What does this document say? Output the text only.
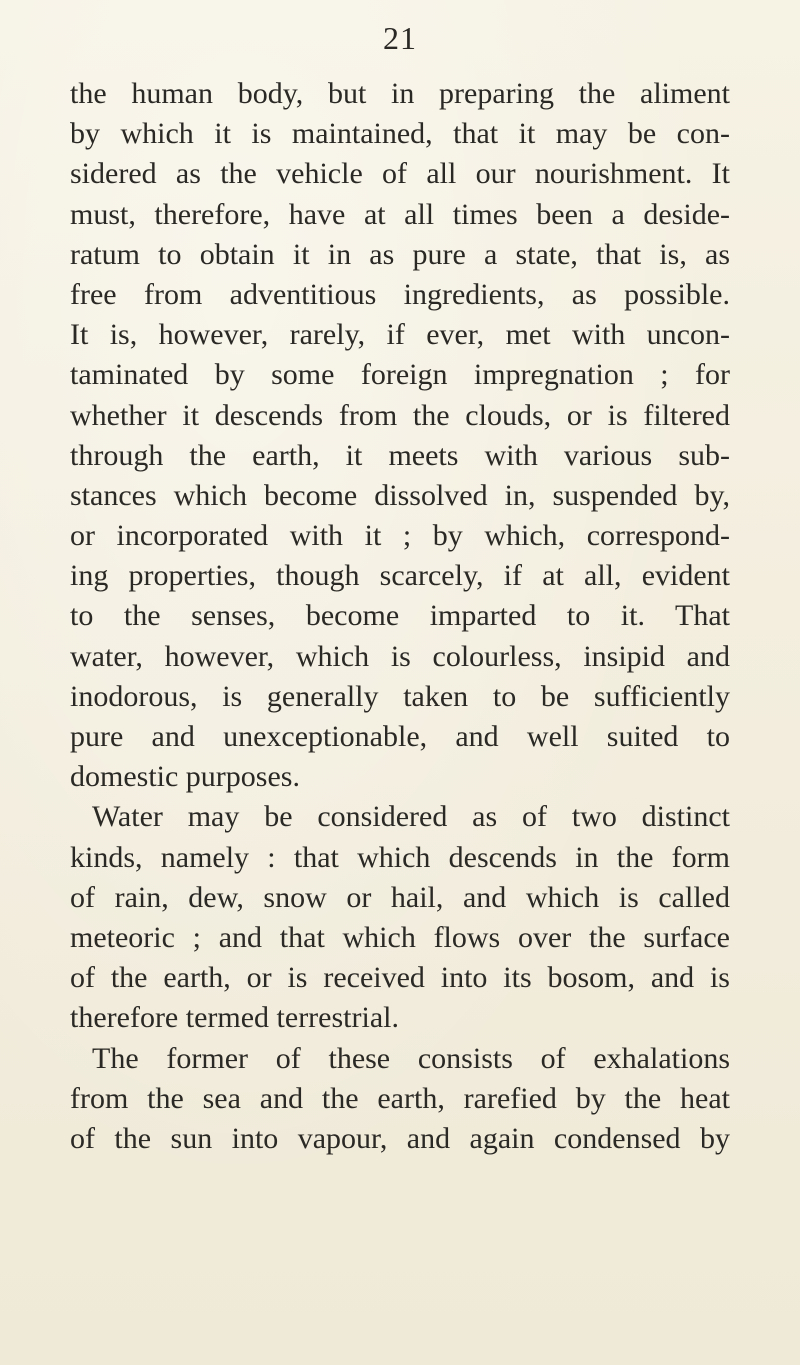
21
the human body, but in preparing the aliment
by which it is maintained, that it may be con-
sidered as the vehicle of all our nourishment. It
must, therefore, have at all times been a deside-
ratum to obtain it in as pure a state, that is, as
free from adventitious ingredients, as possible.
It is, however, rarely, if ever, met with uncon-
taminated by some foreign impregnation ; for
whether it descends from the clouds, or is filtered
through the earth, it meets with various sub-
stances which become dissolved in, suspended by,
or incorporated with it ; by which, correspond-
ing properties, though scarcely, if at all, evident
to the senses, become imparted to it. That
water, however, which is colourless, insipid and
inodorous, is generally taken to be sufficiently
pure and unexceptionable, and well suited to
domestic purposes.
Water may be considered as of two distinct
kinds, namely : that which descends in the form
of rain, dew, snow or hail, and which is called
meteoric ; and that which flows over the surface
of the earth, or is received into its bosom, and is
therefore termed terrestrial.
The former of these consists of exhalations
from the sea and the earth, rarefied by the heat
of the sun into vapour, and again condensed by
